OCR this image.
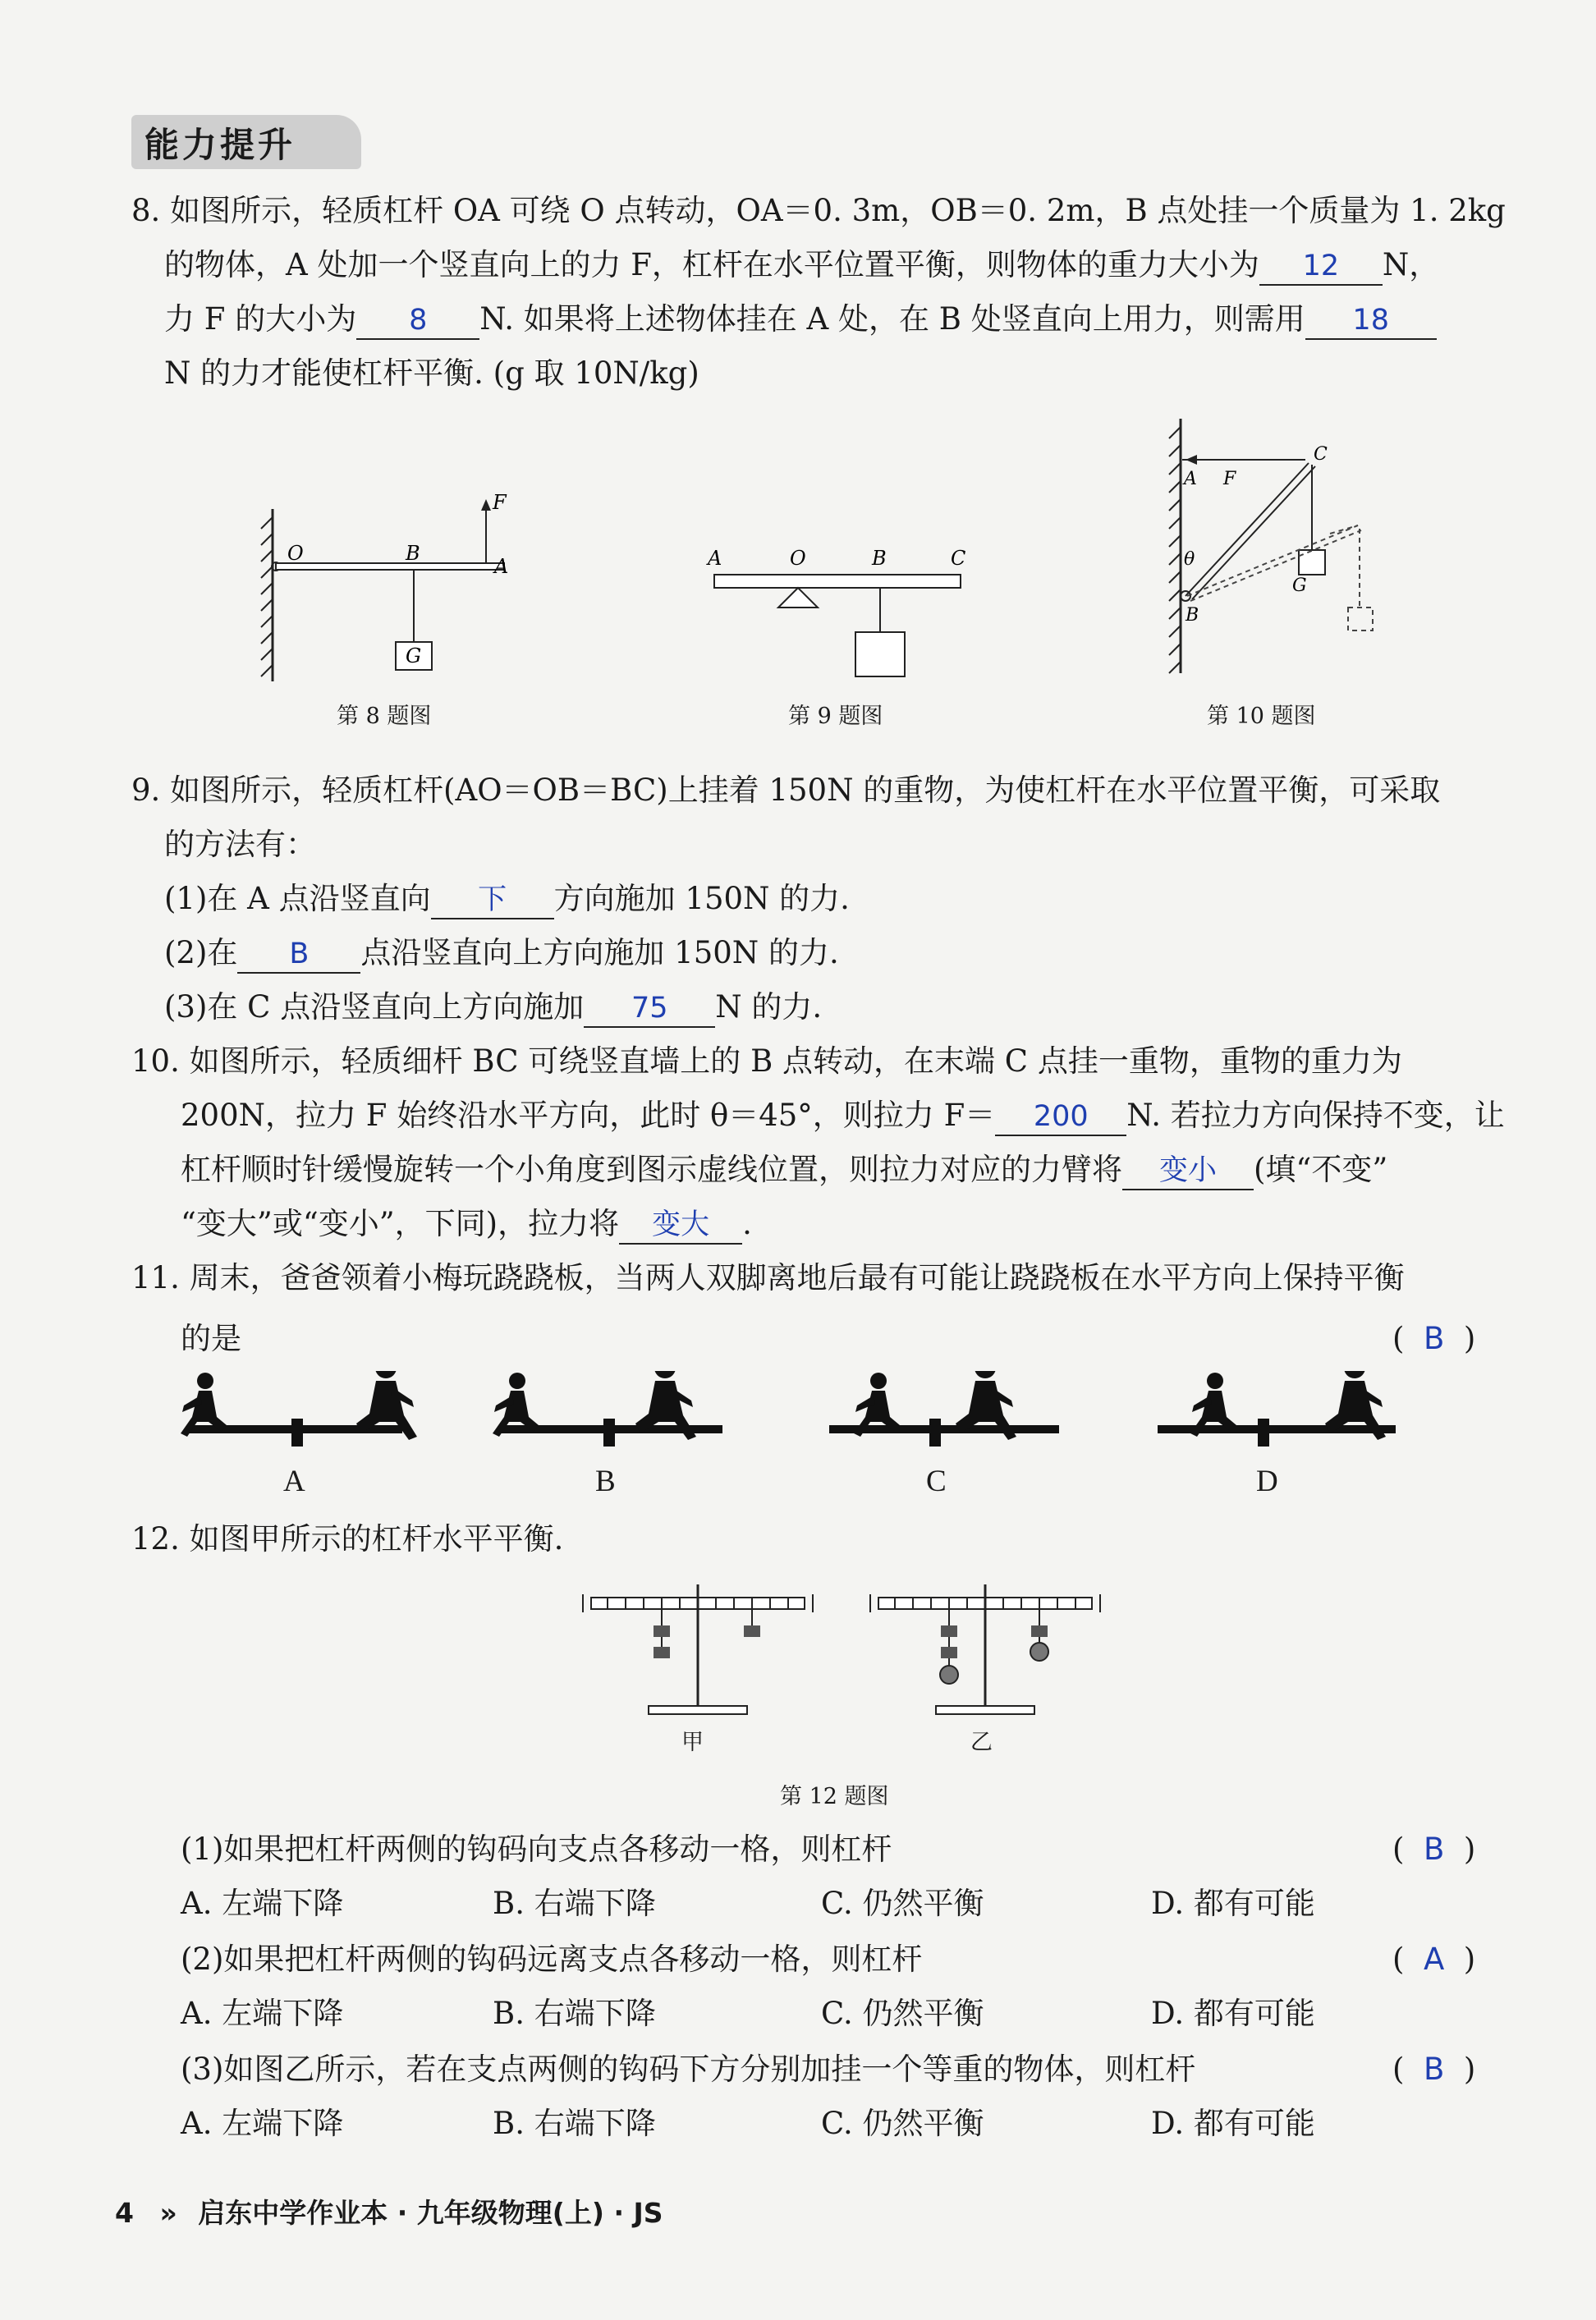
能力提升
8. 如图所示，轻质杠杆 OA 可绕 O 点转动，OA＝0. 3m，OB＝0. 2m，B 点处挂一个质量为 1. 2kg
的物体，A 处加一个竖直向上的力 F，杠杆在水平位置平衡，则物体的重力大小为 12 N，
力 F 的大小为 8 N. 如果将上述物体挂在 A 处，在 B 处竖直向上用力，则需用 18
N 的力才能使杠杆平衡. (g 取 10N/kg)
O	B
A
F
G
第 8 题图
A	O	B	C
第 9 题图
A F
C
θ
B
G
第 10 题图
9. 如图所示，轻质杠杆(AO＝OB＝BC)上挂着 150N 的重物，为使杠杆在水平位置平衡，可采取
的方法有：
(1)在 A 点沿竖直向 下 方向施加 150N 的力.
(2)在 B 点沿竖直向上方向施加 150N 的力.
(3)在 C 点沿竖直向上方向施加 75 N 的力.
10. 如图所示，轻质细杆 BC 可绕竖直墙上的 B 点转动，在末端 C 点挂一重物，重物的重力为
200N，拉力 F 始终沿水平方向，此时 θ＝45°，则拉力 F＝ 200 N. 若拉力方向保持不变，让
杠杆顺时针缓慢旋转一个小角度到图示虚线位置，则拉力对应的力臂将 变小 (填“不变”
“变大”或“变小”，下同)，拉力将 变大 .
11. 周末，爸爸领着小梅玩跷跷板，当两人双脚离地后最有可能让跷跷板在水平方向上保持平衡
的是	(  B  )
A	B	C	D
12. 如图甲所示的杠杆水平平衡.
甲	乙
第 12 题图
(1)如果把杠杆两侧的钩码向支点各移动一格，则杠杆	(  B  )
A. 左端下降	B. 右端下降	C. 仍然平衡	D. 都有可能
(2)如果把杠杆两侧的钩码远离支点各移动一格，则杠杆	(  A  )
A. 左端下降	B. 右端下降	C. 仍然平衡	D. 都有可能
(3)如图乙所示，若在支点两侧的钩码下方分别加挂一个等重的物体，则杠杆	(  B  )
A. 左端下降	B. 右端下降	C. 仍然平衡	D. 都有可能
4 » 启东中学作业本 · 九年级物理(上) · JS
